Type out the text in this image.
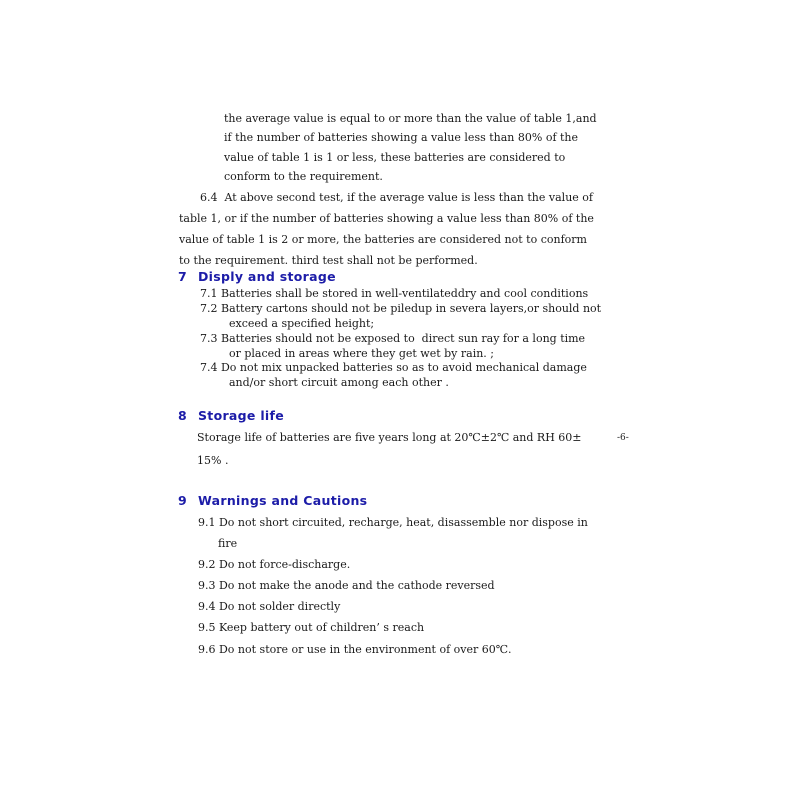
the average value is equal to or more than the value of table 1,and

if the number of batteries showing a value less than 80% of the

value of table 1 is 1 or less, these batteries are considered to

conform to the requirement.

6.4  At above second test, if the average value is less than the value of

table 1, or if the number of batteries showing a value less than 80% of the

value of table 1 is 2 or more, the batteries are considered not to conform

to the requirement. third test shall not be performed.

7 Disply and storage

7.1 Batteries shall be stored in well-ventilateddry and cool conditions

7.2 Battery cartons should not be piledup in severa layers,or should not

exceed a specified height;

7.3 Batteries should not be exposed to  direct sun ray for a long time

or placed in areas where they get wet by rain. ;

7.4 Do not mix unpacked batteries so as to avoid mechanical damage

and/or short circuit among each other .

8 Storage life

Storage life of batteries are five years long at 20℃±2℃ and RH 60±	-6-

15% .

9 Warnings and Cautions

9.1 Do not short circuited, recharge, heat, disassemble nor dispose in

fire

9.2 Do not force-discharge.

9.3 Do not make the anode and the cathode reversed

9.4 Do not solder directly

9.5 Keep battery out of children’ s reach

9.6 Do not store or use in the environment of over 60℃.
